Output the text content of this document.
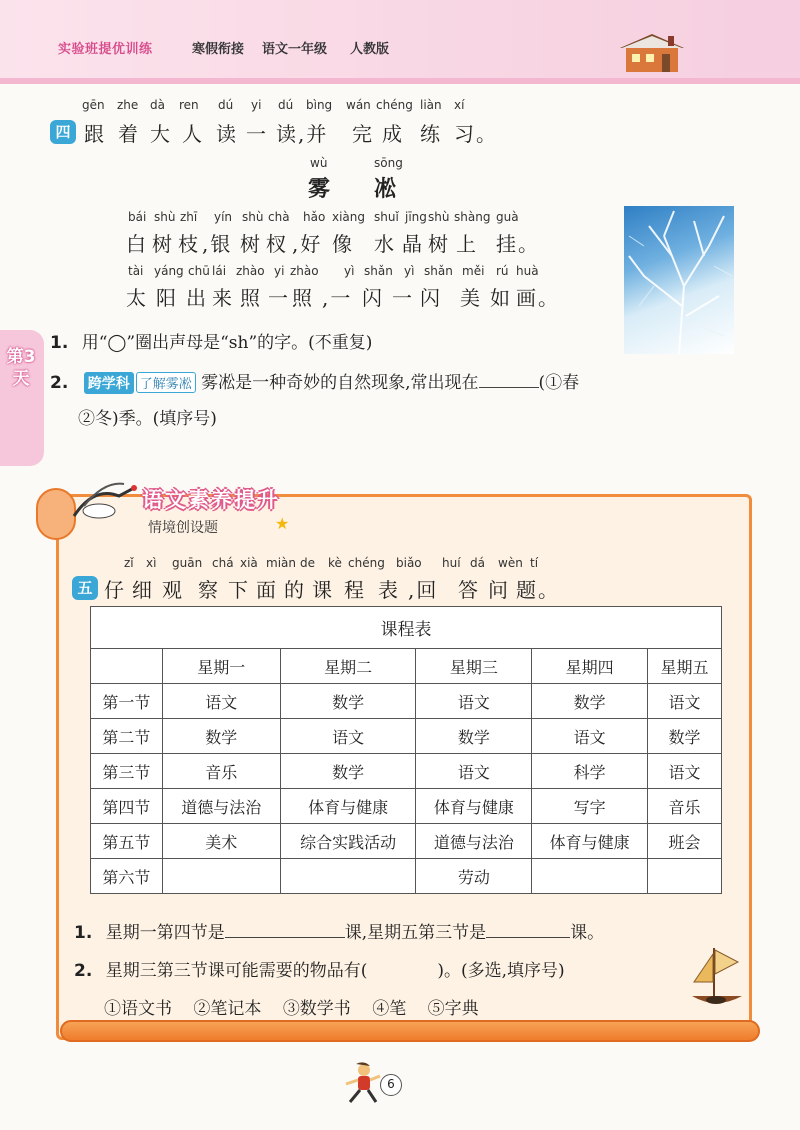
实验班提优训练	寒假衔接 语文一年级 人教版
第3天
gēn zhe dà ren dú yi dú bìng wán chéng liàn xí
四 跟 着 大 人 读 一 读 ,并 完 成 练 习。
wù	sōng
雾 凇
bái shù zhī yín shù chà hǎo xiàng shuǐ jīng shù shàng guà
白 树 枝 ,银 树 杈 ,好 像 水 晶 树 上 挂。
tài yáng chū lái zhào yi zhào yì shǎn yì shǎn měi rú huà
太 阳 出 来 照 一 照 ,一 闪 一 闪 美 如 画。
1. 用“◯”圈出声母是“sh”的字。(不重复)
2. 跨学科 了解雾凇 雾凇是一种奇妙的自然现象,常出现在	(①春
②冬)季。(填序号)
语文素养提升
情境创设题	★
zǐ xì guān chá xià miàn de kè chéng biǎo huí dá wèn tí
五 仔 细 观 察 下 面 的 课 程 表 ,回 答 问 题。
课程表					
	星期一	星期二	星期三	星期四	星期五
第一节	语文	数学	语文	数学	语文
第二节	数学	语文	数学	语文	数学
第三节	音乐	数学	语文	科学	语文
第四节	道德与法治	体育与健康	体育与健康	写字	音乐
第五节	美术	综合实践活动	道德与法治	体育与健康	班会
第六节			劳动		
1. 星期一第四节是	课,星期五第三节是	课。
2. 星期三第三节课可能需要的物品有(	)。(多选,填序号)
①语文书 ②笔记本 ③数学书 ④笔 ⑤字典
6
